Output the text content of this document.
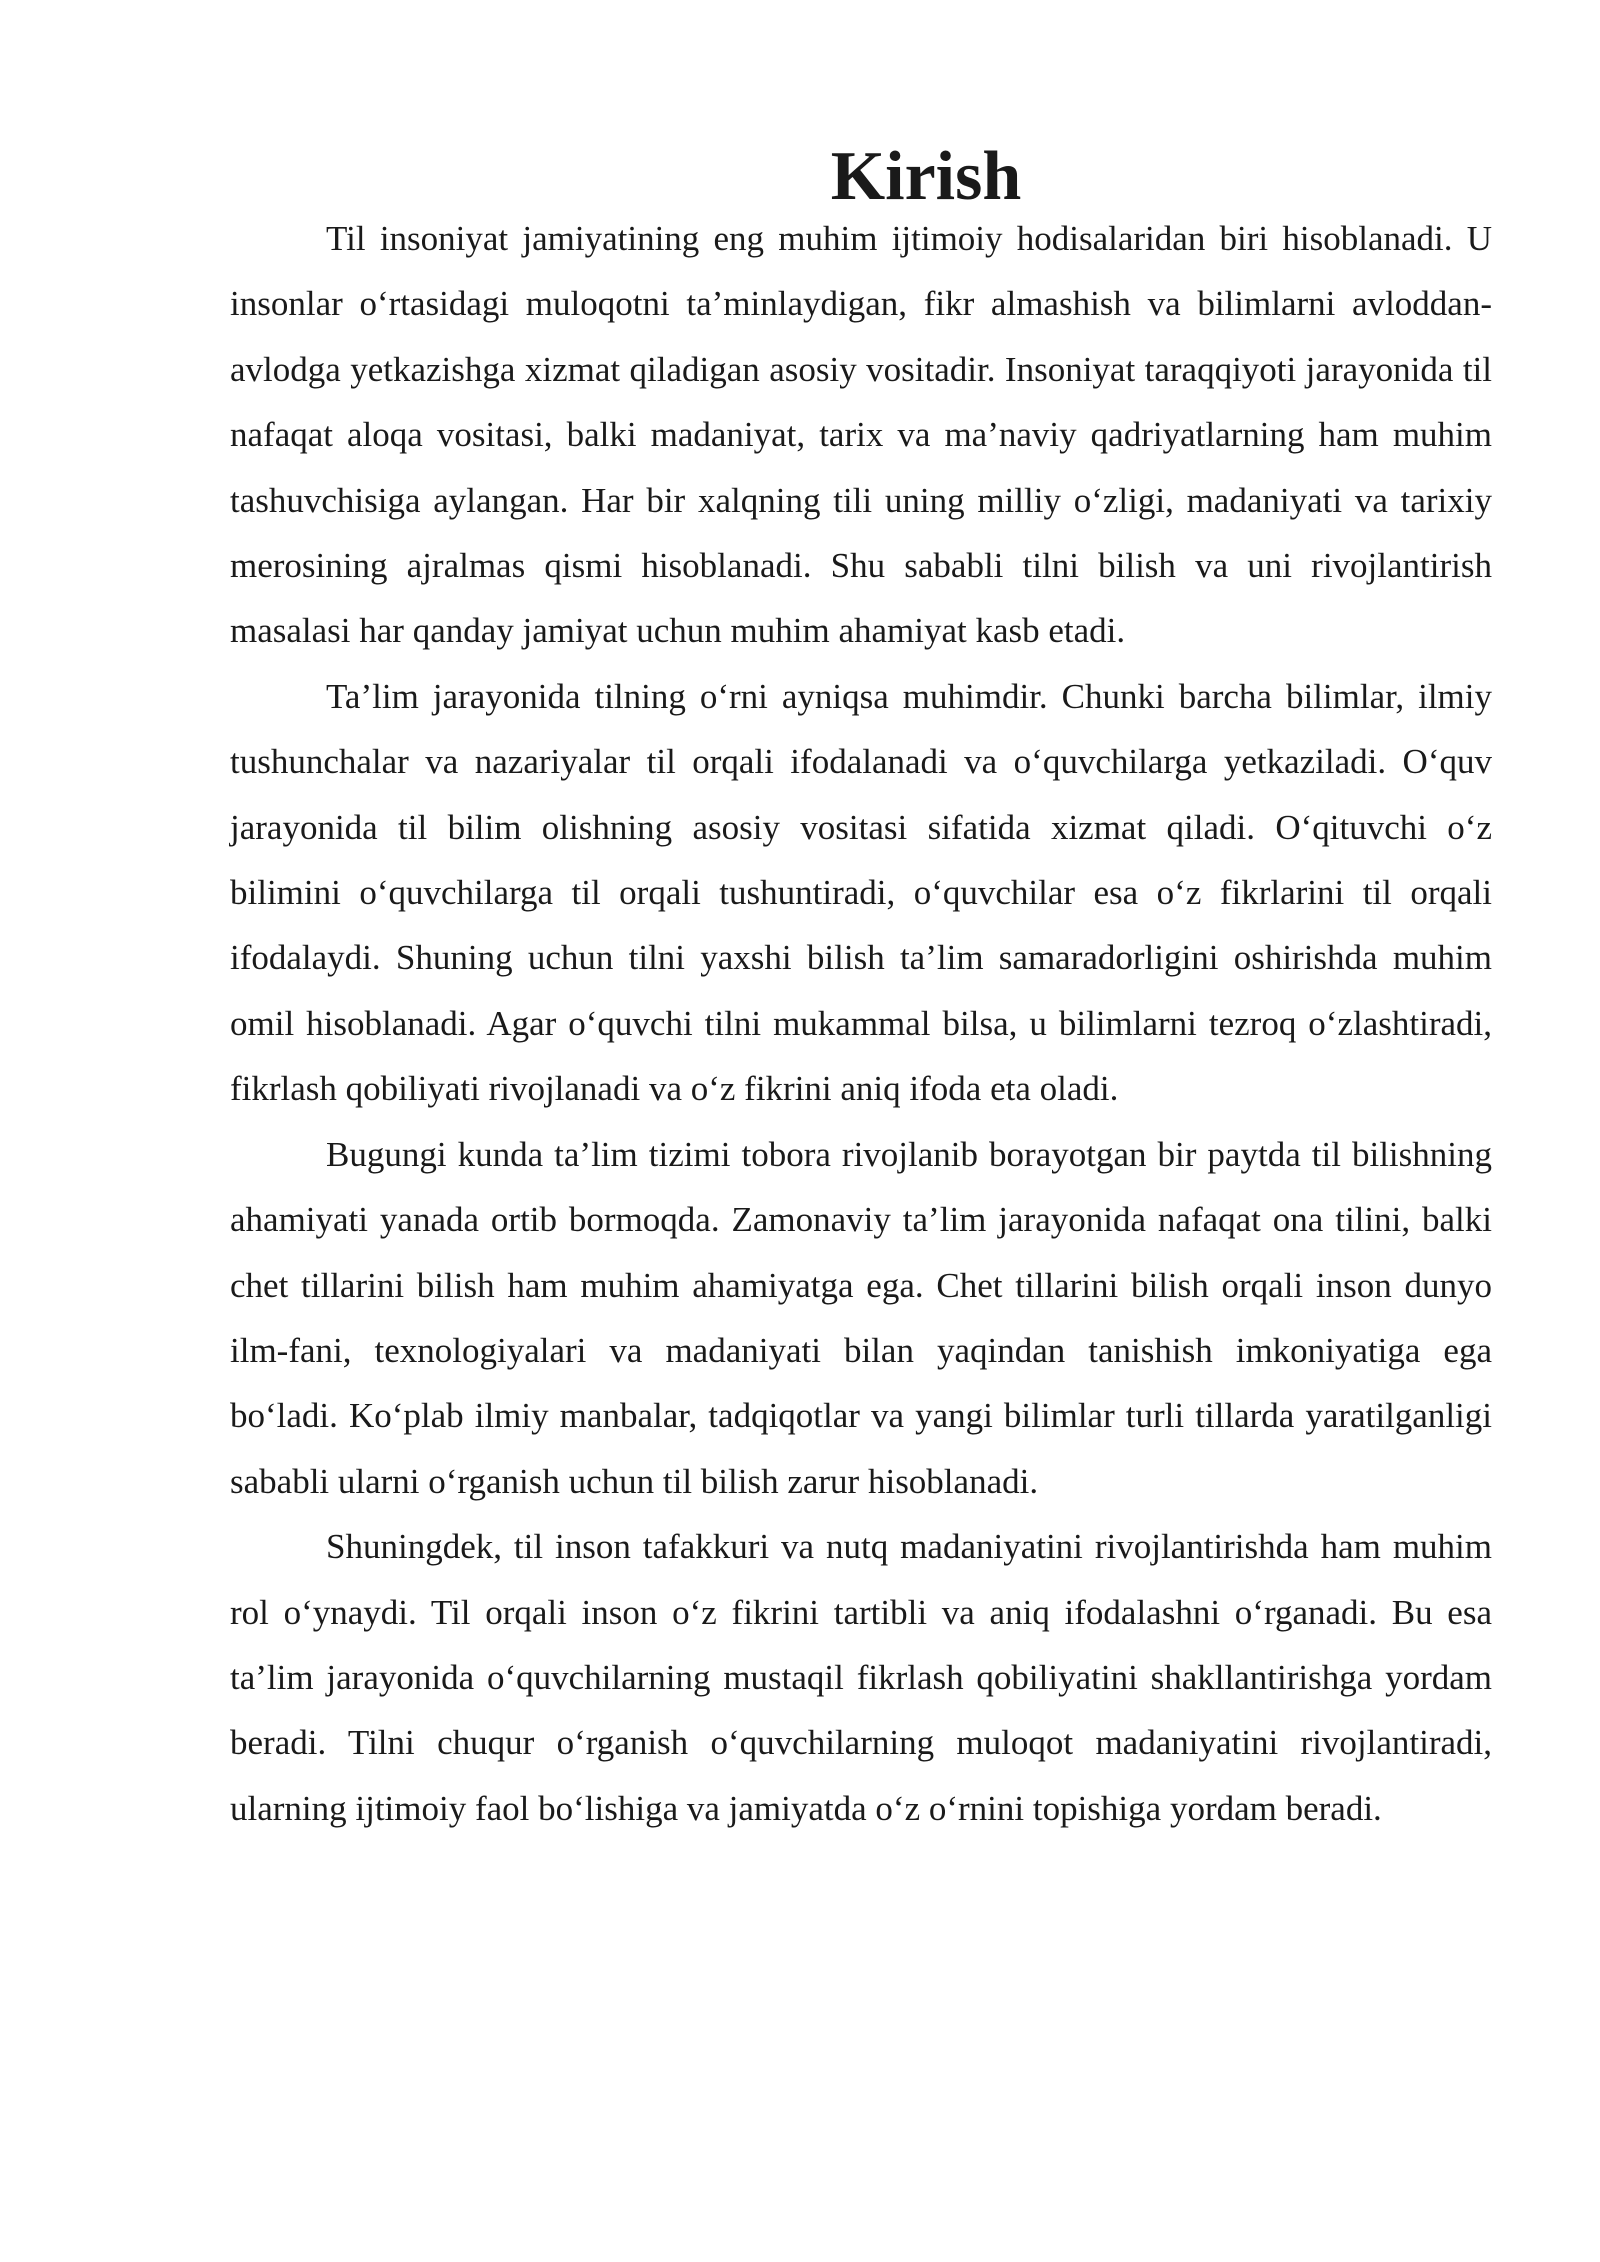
Kirish

Til insoniyat jamiyatining eng muhim ijtimoiy hodisalaridan biri hisoblanadi. U insonlar o‘rtasidagi muloqotni ta’minlaydigan, fikr almashish va bilimlarni avloddan-avlodga yetkazishga xizmat qiladigan asosiy vositadir. Insoniyat taraqqiyoti jarayonida til nafaqat aloqa vositasi, balki madaniyat, tarix va ma’naviy qadriyatlarning ham muhim tashuvchisiga aylangan. Har bir xalqning tili uning milliy o‘zligi, madaniyati va tarixiy merosining ajralmas qismi hisoblanadi. Shu sababli tilni bilish va uni rivojlantirish masalasi har qanday jamiyat uchun muhim ahamiyat kasb etadi.

Ta’lim jarayonida tilning o‘rni ayniqsa muhimdir. Chunki barcha bilimlar, ilmiy tushunchalar va nazariyalar til orqali ifodalanadi va o‘quvchilarga yetkaziladi. O‘quv jarayonida til bilim olishning asosiy vositasi sifatida xizmat qiladi. O‘qituvchi o‘z bilimini o‘quvchilarga til orqali tushuntiradi, o‘quvchilar esa o‘z fikrlarini til orqali ifodalaydi. Shuning uchun tilni yaxshi bilish ta’lim samaradorligini oshirishda muhim omil hisoblanadi. Agar o‘quvchi tilni mukammal bilsa, u bilimlarni tezroq o‘zlashtiradi, fikrlash qobiliyati rivojlanadi va o‘z fikrini aniq ifoda eta oladi.

Bugungi kunda ta’lim tizimi tobora rivojlanib borayotgan bir paytda til bilishning ahamiyati yanada ortib bormoqda. Zamonaviy ta’lim jarayonida nafaqat ona tilini, balki chet tillarini bilish ham muhim ahamiyatga ega. Chet tillarini bilish orqali inson dunyo ilm-fani, texnologiyalari va madaniyati bilan yaqindan tanishish imkoniyatiga ega bo‘ladi. Ko‘plab ilmiy manbalar, tadqiqotlar va yangi bilimlar turli tillarda yaratilganligi sababli ularni o‘rganish uchun til bilish zarur hisoblanadi.

Shuningdek, til inson tafakkuri va nutq madaniyatini rivojlantirishda ham muhim rol o‘ynaydi. Til orqali inson o‘z fikrini tartibli va aniq ifodalashni o‘rganadi. Bu esa ta’lim jarayonida o‘quvchilarning mustaqil fikrlash qobiliyatini shakllantirishga yordam beradi. Tilni chuqur o‘rganish o‘quvchilarning muloqot madaniyatini rivojlantiradi, ularning ijtimoiy faol bo‘lishiga va jamiyatda o‘z o‘rnini topishiga yordam beradi.
